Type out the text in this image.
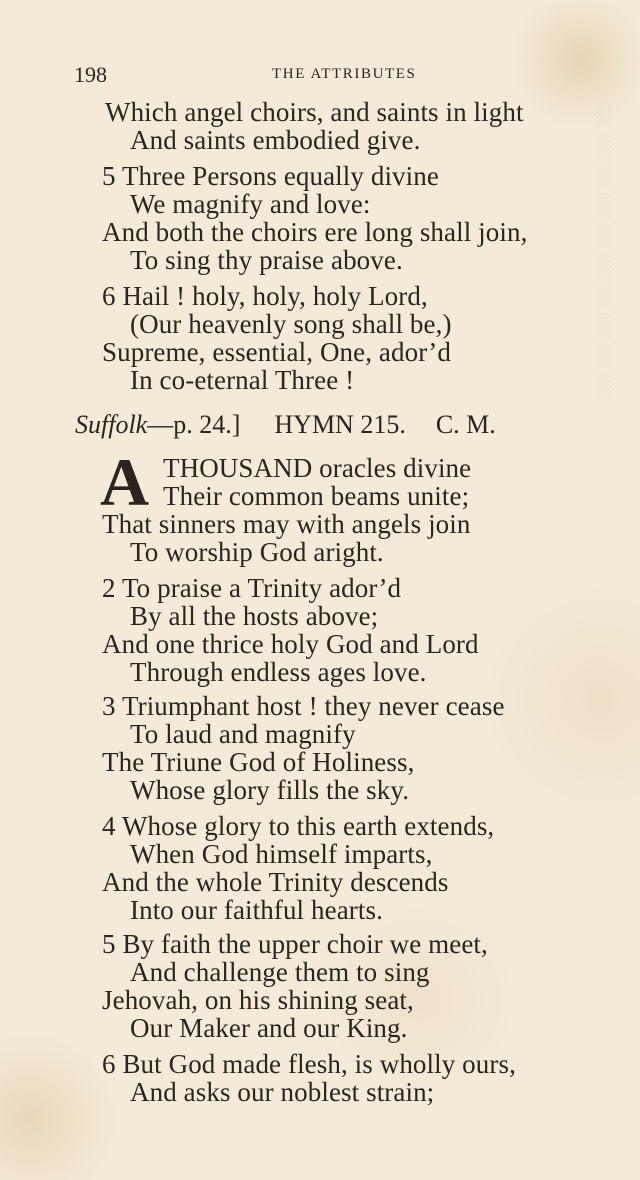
░
░
░
░
░
░
░
░
░
░
198	THE ATTRIBUTES
Which angel choirs, and saints in light
And saints embodied give.
5 Three Persons equally divine
We magnify and love:
And both the choirs ere long shall join,
To sing thy praise above.
6 Hail ! holy, holy, holy Lord,
(Our heavenly song shall be,)
Supreme, essential, One, ador’d
In co-eternal Three !
Suffolk—p. 24.] HYMN 215. C. M.
A THOUSAND oracles divine
Their common beams unite;
That sinners may with angels join
To worship God aright.
2 To praise a Trinity ador’d
By all the hosts above;
And one thrice holy God and Lord
Through endless ages love.
3 Triumphant host ! they never cease
To laud and magnify
The Triune God of Holiness,
Whose glory fills the sky.
4 Whose glory to this earth extends,
When God himself imparts,
And the whole Trinity descends
Into our faithful hearts.
5 By faith the upper choir we meet,
And challenge them to sing
Jehovah, on his shining seat,
Our Maker and our King.
6 But God made flesh, is wholly ours,
And asks our noblest strain;
